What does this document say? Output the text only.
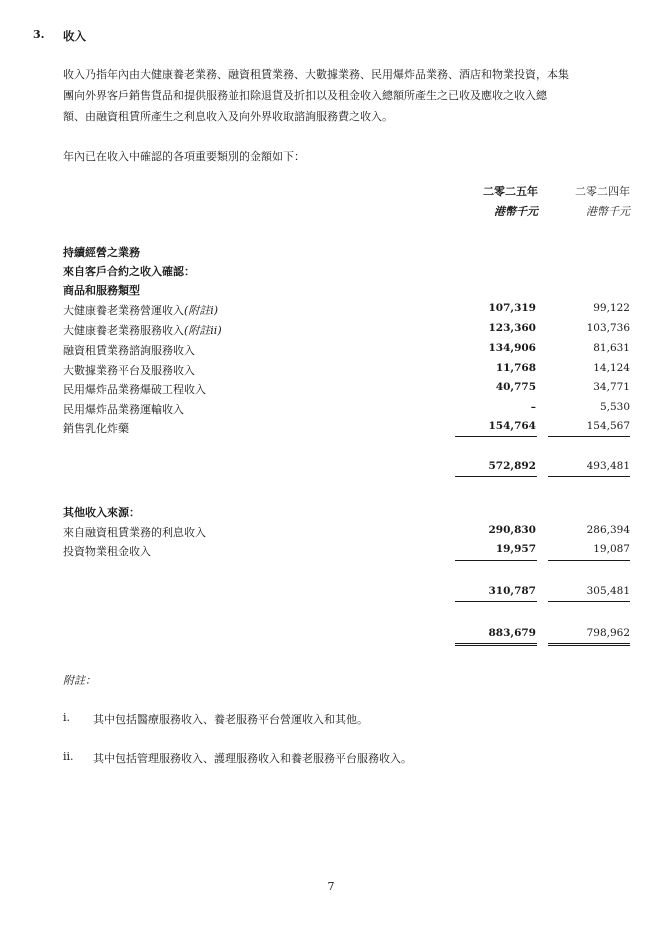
3. 收入
收入乃指年內由大健康養老業務、融資租賃業務、大數據業務、民用爆炸品業務、酒店和物業投資，本集
團向外界客戶銷售貨品和提供服務並扣除退貨及折扣以及租金收入總額所產生之已收及應收之收入總
額、由融資租賃所產生之利息收入及向外界收取諮詢服務費之收入。
年內已在收入中確認的各項重要類別的金額如下：
二零二五年	二零二四年
港幣千元	港幣千元
持續經營之業務
來自客戶合約之收入確認：
商品和服務類型
大健康養老業務營運收入(附註i)	107,319	99,122
大健康養老業務服務收入(附註ii)	123,360	103,736
融資租賃業務諮詢服務收入	134,906	81,631
大數據業務平台及服務收入	11,768	14,124
民用爆炸品業務爆破工程收入	40,775	34,771
民用爆炸品業務運輸收入	–	5,530
銷售乳化炸藥	154,764	154,567
572,892	493,481
其他收入來源：
來自融資租賃業務的利息收入	290,830	286,394
投資物業租金收入	19,957	19,087
310,787	305,481
883,679	798,962
附註：
i. 其中包括醫療服務收入、養老服務平台營運收入和其他。
ii. 其中包括管理服務收入、護理服務收入和養老服務平台服務收入。
7
